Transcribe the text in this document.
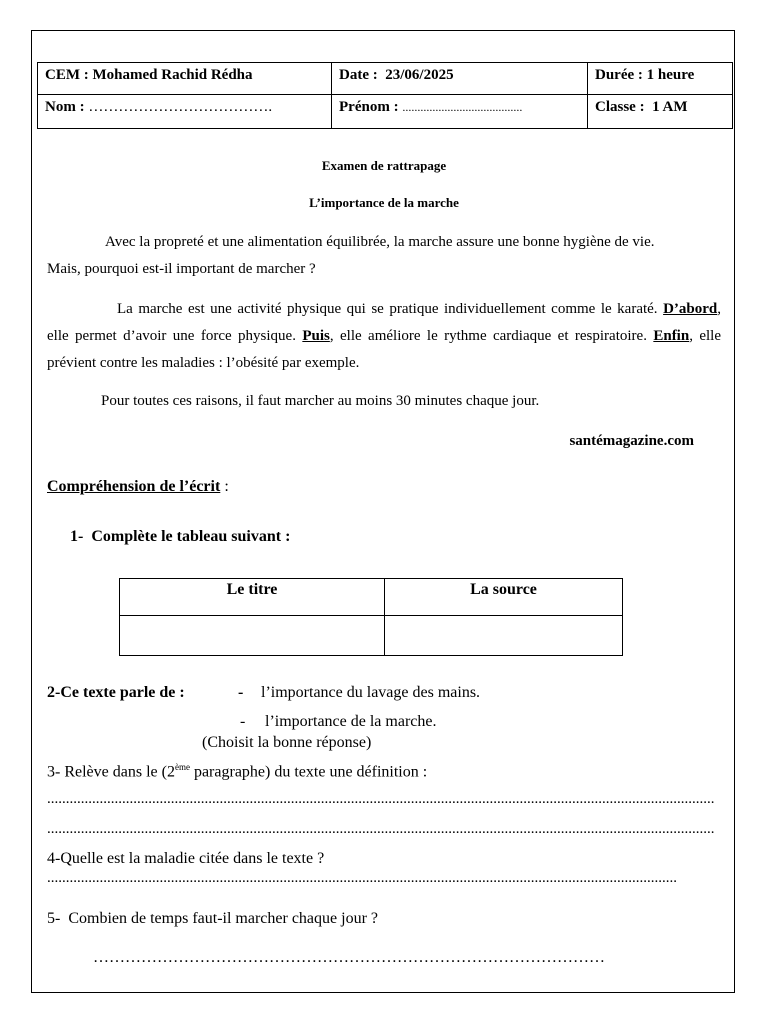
CEM : Mohamed Rachid Rédha	Date : 23/06/2025	Durée : 1 heure
Nom : ……………………………….	Prénom : ........................................	Classe : 1 AM
Examen de rattrapage
L’importance de la marche
Avec la propreté et une alimentation équilibrée, la marche assure une bonne hygiène de vie.
Mais, pourquoi est-il important de marcher ?
La marche est une activité physique qui se pratique individuellement comme le karaté. D’abord, elle permet d’avoir une force physique. Puis, elle améliore le rythme cardiaque et respiratoire. Enfin, elle prévient contre les maladies : l’obésité par exemple.
Pour toutes ces raisons, il faut marcher au moins 30 minutes chaque jour.
santémagazine.com
Compréhension de l’écrit :
1-  Complète le tableau suivant :
Le titre	La source

2-Ce texte parle de :	- l’importance du lavage des mains.
- l’importance de la marche.
(Choisit la bonne réponse)
3- Relève dans le (2ème paragraphe) du texte une définition :
..................................................................................................................................................................................
..................................................................................................................................................................................
4-Quelle est la maladie citée dans le texte ?
........................................................................................................................................................................
5-  Combien de temps faut-il marcher chaque jour ?
……………………………………………………………………………………
